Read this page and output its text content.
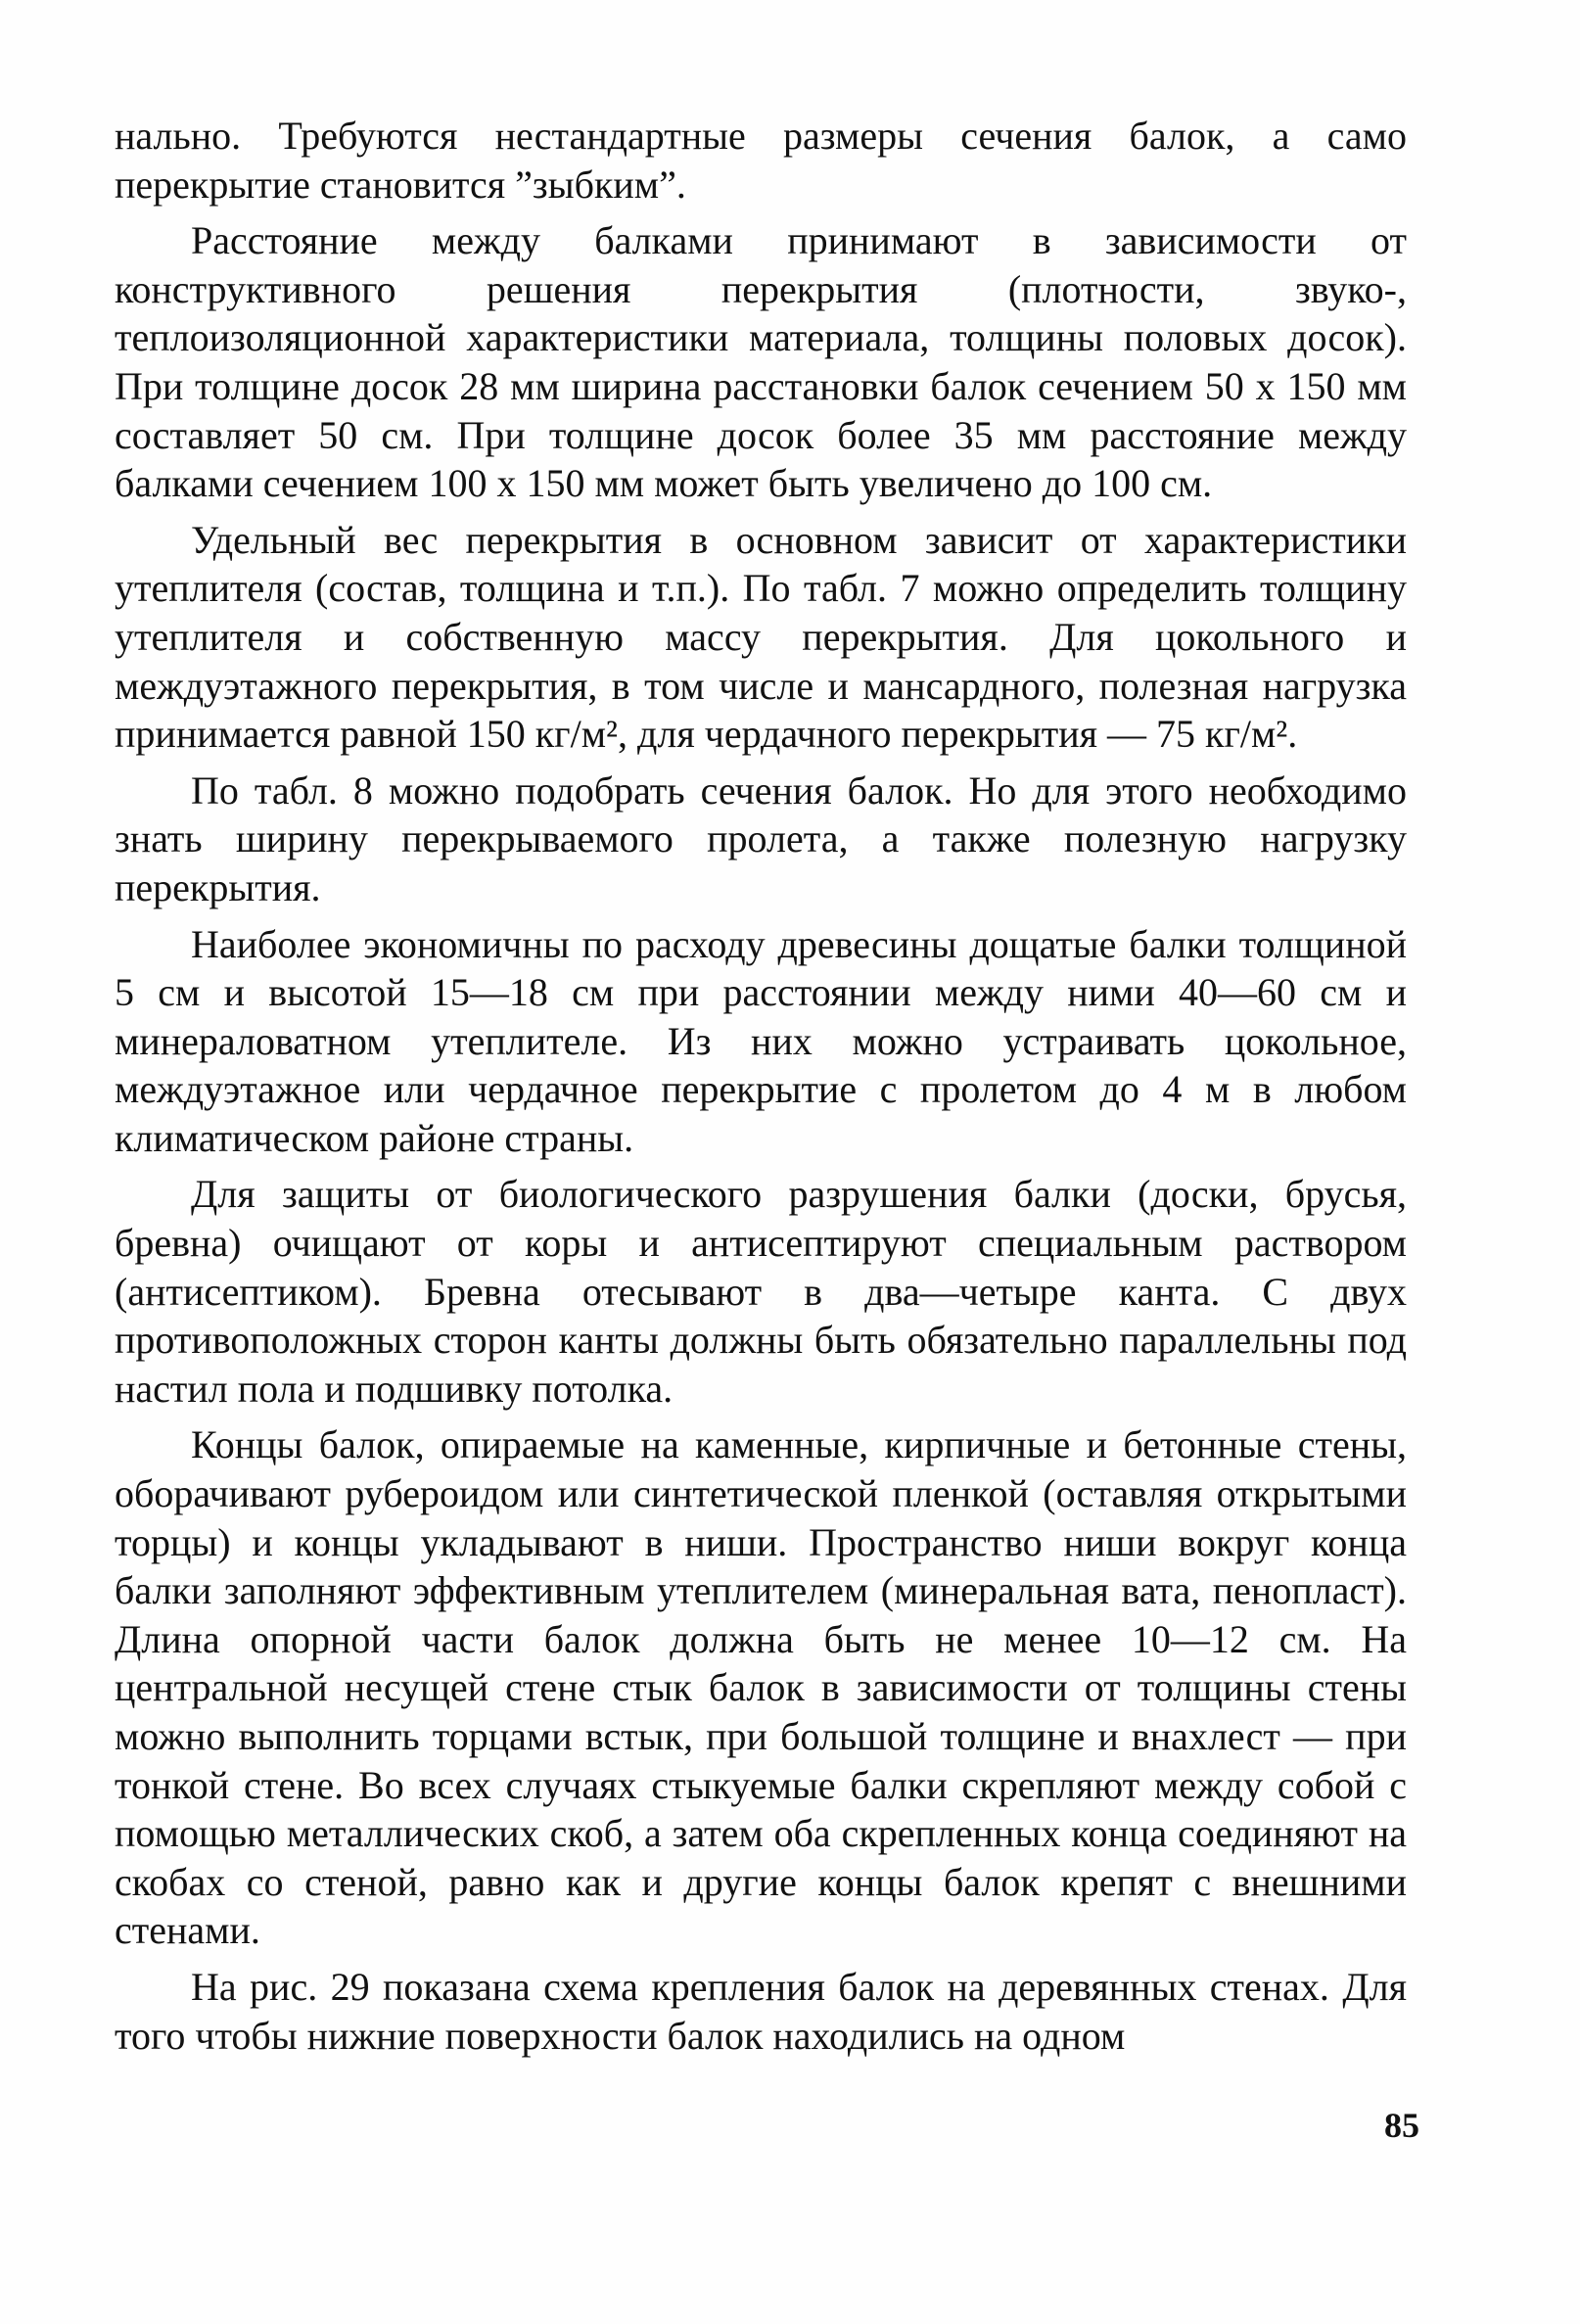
нально. Требуются нестандартные размеры сечения балок, а само перекрытие становится ”зыбким”.

Расстояние между балками принимают в зависимости от конструктивного решения перекрытия (плотности, звуко-, теплоизоляционной характеристики материала, толщины половых досок). При толщине досок 28 мм ширина расстановки балок сечением 50 х 150 мм составляет 50 см. При толщине досок более 35 мм расстояние между балками сечением 100 х 150 мм может быть увеличено до 100 см.

Удельный вес перекрытия в основном зависит от характеристики утеплителя (состав, толщина и т.п.). По табл. 7 можно определить толщину утеплителя и собственную массу перекрытия. Для цокольного и междуэтажного перекрытия, в том числе и мансардного, полезная нагрузка принимается равной 150 кг/м², для чердачного перекрытия — 75 кг/м².

По табл. 8 можно подобрать сечения балок. Но для этого необходимо знать ширину перекрываемого пролета, а также полезную нагрузку перекрытия.

Наиболее экономичны по расходу древесины дощатые балки толщиной 5 см и высотой 15—18 см при расстоянии между ними 40—60 см и минераловатном утеплителе. Из них можно устраивать цокольное, междуэтажное или чердачное перекрытие с пролетом до 4 м в любом климатическом районе страны.

Для защиты от биологического разрушения балки (доски, брусья, бревна) очищают от коры и антисептируют специальным раствором (антисептиком). Бревна отесывают в два—четыре канта. С двух противоположных сторон канты должны быть обязательно параллельны под настил пола и подшивку потолка.

Концы балок, опираемые на каменные, кирпичные и бетонные стены, оборачивают рубероидом или синтетической пленкой (оставляя открытыми торцы) и концы укладывают в ниши. Пространство ниши вокруг конца балки заполняют эффективным утеплителем (минеральная вата, пенопласт). Длина опорной части балок должна быть не менее 10—12 см. На центральной несущей стене стык балок в зависимости от толщины стены можно выполнить торцами встык, при большой толщине и внахлест — при тонкой стене. Во всех случаях стыкуемые балки скрепляют между собой с помощью металлических скоб, а затем оба скрепленных конца соединяют на скобах со стеной, равно как и другие концы балок крепят с внешними стенами.

На рис. 29 показана схема крепления балок на деревянных стенах. Для того чтобы нижние поверхности балок находились на одном

85
